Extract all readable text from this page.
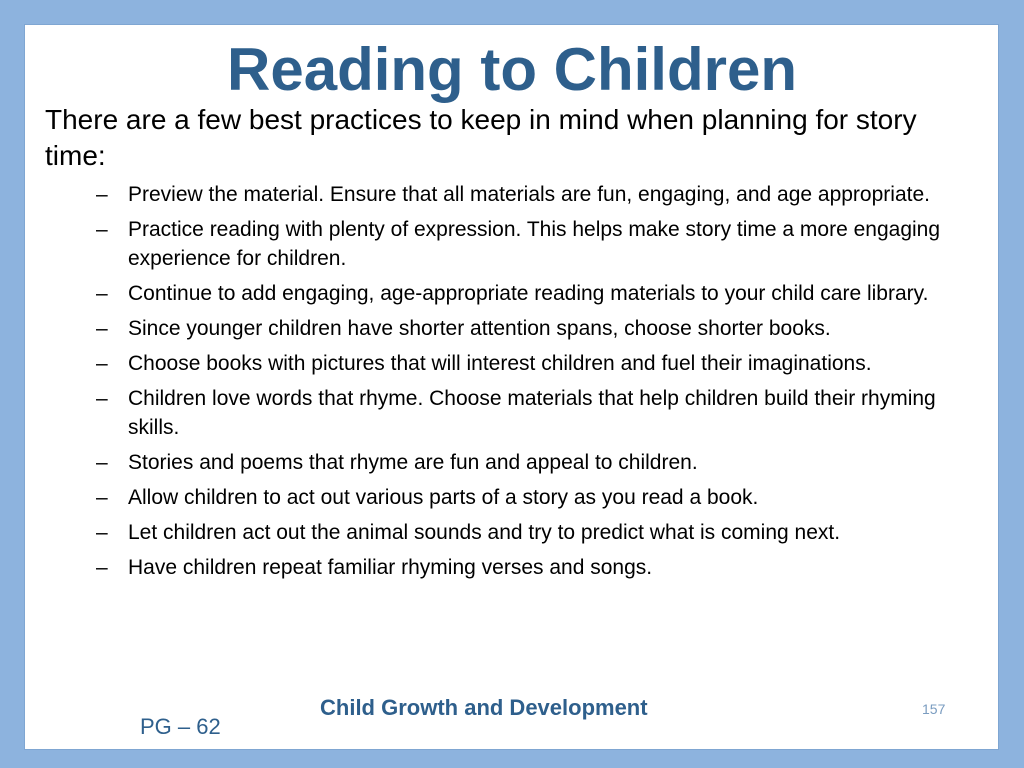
Reading to Children

There are a few best practices to keep in mind when planning for story time:

– Preview the material. Ensure that all materials are fun, engaging, and age appropriate.
– Practice reading with plenty of expression. This helps make story time a more engaging experience for children.
– Continue to add engaging, age-appropriate reading materials to your child care library.
– Since younger children have shorter attention spans, choose shorter books.
– Choose books with pictures that will interest children and fuel their imaginations.
– Children love words that rhyme. Choose materials that help children build their rhyming skills.
– Stories and poems that rhyme are fun and appeal to children.
– Allow children to act out various parts of a story as you read a book.
– Let children act out the animal sounds and try to predict what is coming next.
– Have children repeat familiar rhyming verses and songs.
Child Growth and Development	157
PG – 62
